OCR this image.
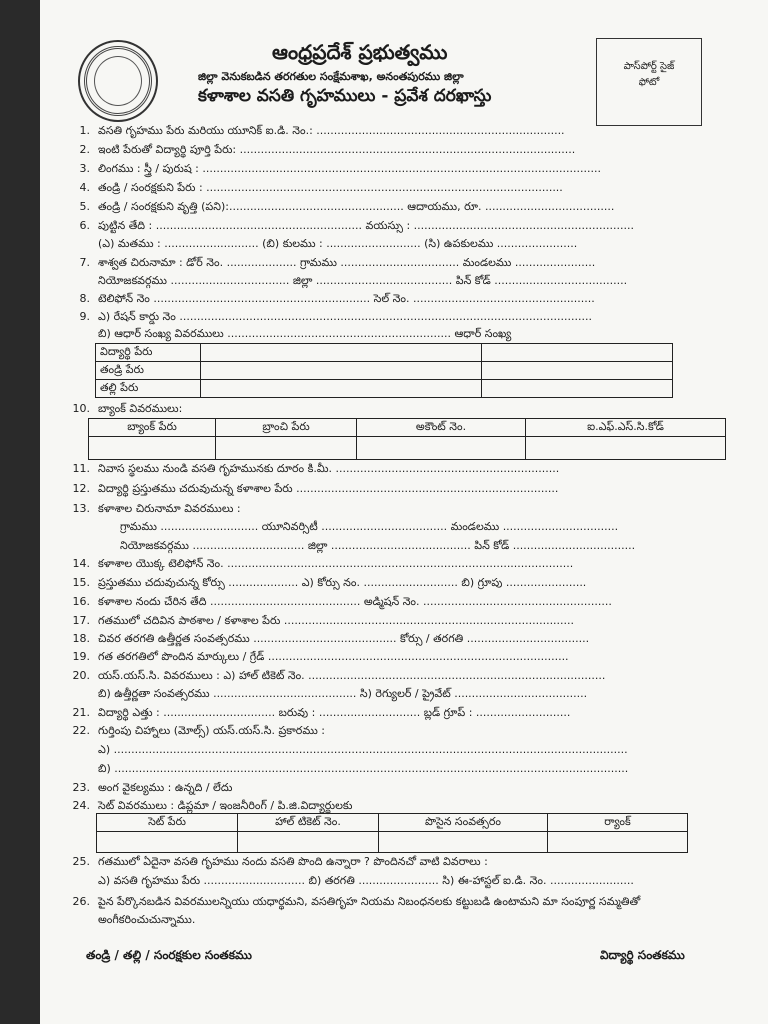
ఆంధ్రప్రదేశ్ ప్రభుత్వము
జిల్లా వెనుకబడిన తరగతుల సంక్షేమశాఖ, అనంతపురము జిల్లా
కళాశాల వసతి గృహములు - ప్రవేశ దరఖాస్తు
పాస్‌పోర్ట్ సైజ్
ఫోటో
1. వసతి గృహము పేరు మరియు యూనిక్ ఐ.డి. నెం.: .......................................................................
2. ఇంటి పేరుతో విద్యార్థి పూర్తి పేరు: ................................................................................................
3. లింగము : స్త్రీ / పురుష : ..................................................................................................................
4. తండ్రి / సంరక్షకుని పేరు : ......................................................................................................
5. తండ్రి / సంరక్షకుని వృత్తి (పని):.................................................. ఆదాయము, రూ. .....................................
6. పుట్టిన తేది : ........................................................... వయస్సు : ...............................................................
(ఎ) మతము : ........................... (బి) కులము : ........................... (సి) ఉపకులము .......................
7. శాశ్వత చిరునామా : డోర్ నెం. .................... గ్రామము .................................. మండలము .......................
నియోజకవర్గము .................................. జిల్లా ....................................... పిన్ కోడ్ ......................................
8. టెలిఫోన్ నెం .............................................................. సెల్ నెం. ....................................................
9. ఎ) రేషన్ కార్డు నెం ......................................................................................................................
బి) ఆధార్ సంఖ్య వివరములు ................................................................ ఆధార్ సంఖ్య
విద్యార్థి పేరు		
తండ్రి పేరు		
తల్లి పేరు		
10. బ్యాంక్ వివరములు:
బ్యాంక్ పేరు	బ్రాంచి పేరు	అకౌంట్ నెం.	ఐ.ఎఫ్.ఎస్.సి.కోడ్

11. నివాస స్థలము నుండి వసతి గృహమునకు దూరం కి.మీ. ................................................................
12. విద్యార్థి ప్రస్తుతము చదువుచున్న కళాశాల పేరు ...........................................................................
13. కళాశాల చిరునామా వివరములు :
గ్రామము ............................ యూనివర్సిటీ .................................... మండలము .................................
నియోజకవర్గము ................................ జిల్లా ........................................ పిన్ కోడ్ ...................................
14. కళాశాల యొక్క టెలిఫోన్ నెం. ...................................................................................................
15. ప్రస్తుతము చదువుచున్న కోర్సు .................... ఎ) కోర్సు నం. ........................... బి) గ్రూపు .......................
16. కళాశాల నందు చేరిన తేది ........................................... అడ్మిషన్ నెం. ......................................................
17. గతములో చదివిన పాఠశాల / కళాశాల పేరు ...................................................................................
18. చివర తరగతి ఉత్తీర్ణత సంవత్సరము ......................................... కోర్సు / తరగతి ...................................
19. గత తరగతిలో పొందిన మార్కులు / గ్రేడ్ ......................................................................................
20. యస్.యస్.సి. వివరములు : ఎ) హాల్ టికెట్ నెం. .....................................................................................
బి) ఉత్తీర్ణతా సంవత్సరము ......................................... సి) రెగ్యులర్ / ప్రైవేట్ ......................................
21. విద్యార్థి ఎత్తు : ................................ బరువు : ............................. బ్లడ్ గ్రూప్ : ...........................
22. గుర్తింపు చిహ్నాలు (మోల్స్) యస్.యస్.సి. ప్రకారము :
ఎ) ...................................................................................................................................................
బి) ...................................................................................................................................................
23. అంగ వైకల్యము : ఉన్నది / లేదు
24. సెట్ వివరములు : డిప్లమా / ఇంజనీరింగ్ / పి.జి.విద్యార్థులకు
సెట్ పేరు	హాల్ టికెట్ నెం.	పొసైన సంవత్సరం	ర్యాంక్

25. గతములో ఏదైనా వసతి గృహము నందు వసతి పొంది ఉన్నారా ? పొందినచో వాటి వివరాలు :
ఎ) వసతి గృహము పేరు ............................. బి) తరగతి ....................... సి) ఈ-హాస్టల్ ఐ.డి. నెం. ........................
26. పైన పేర్కొనబడిన వివరములన్నియు యధార్థమని, వసతిగృహ నియమ నిబంధనలకు కట్టుబడి ఉంటామని మా సంపూర్ణ సమ్మతితో
అంగీకరించుచున్నాము.
తండ్రి / తల్లి / సంరక్షకుల సంతకము	విద్యార్థి సంతకము
